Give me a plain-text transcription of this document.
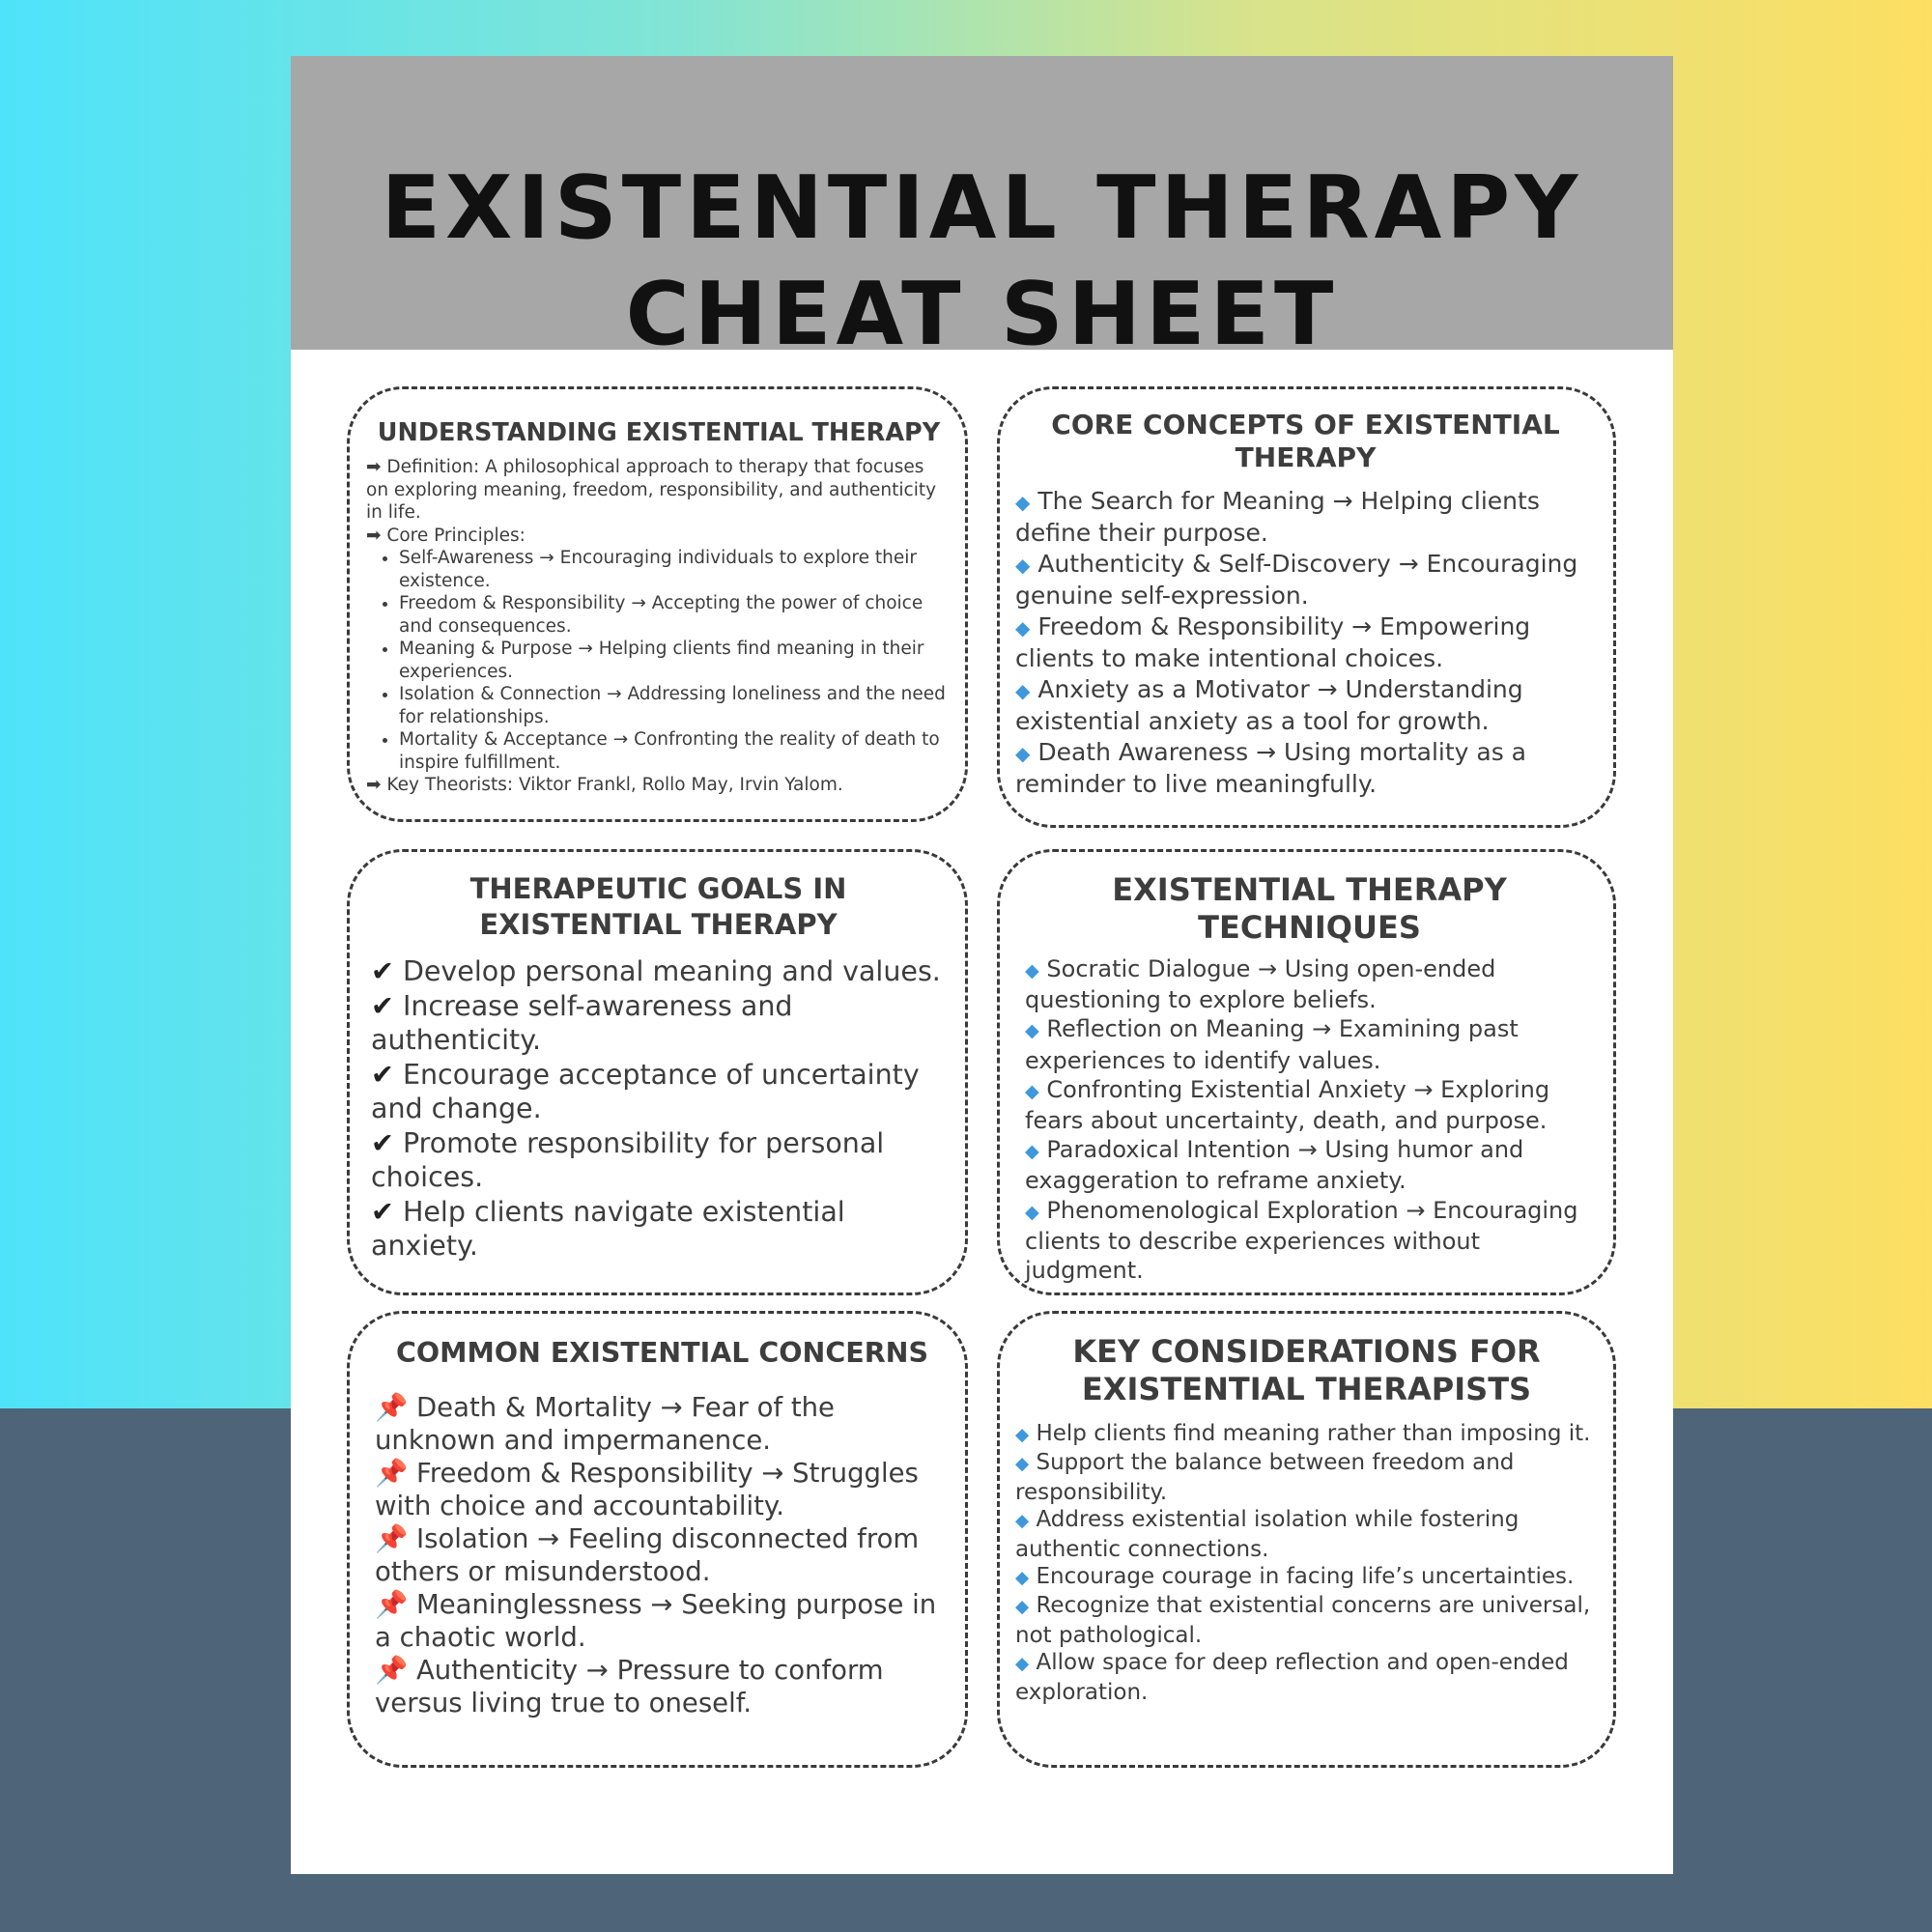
EXISTENTIAL THERAPY
CHEAT SHEET
UNDERSTANDING EXISTENTIAL THERAPY
➡ Definition: A philosophical approach to therapy that focuses on exploring meaning, freedom, responsibility, and authenticity in life.
➡ Core Principles:
• Self-Awareness → Encouraging individuals to explore their existence.
• Freedom & Responsibility → Accepting the power of choice and consequences.
• Meaning & Purpose → Helping clients find meaning in their experiences.
• Isolation & Connection → Addressing loneliness and the need for relationships.
• Mortality & Acceptance → Confronting the reality of death to inspire fulfillment.
➡ Key Theorists: Viktor Frankl, Rollo May, Irvin Yalom.
CORE CONCEPTS OF EXISTENTIAL THERAPY
◆ The Search for Meaning → Helping clients define their purpose.
◆ Authenticity & Self-Discovery → Encouraging genuine self-expression.
◆ Freedom & Responsibility → Empowering clients to make intentional choices.
◆ Anxiety as a Motivator → Understanding existential anxiety as a tool for growth.
◆ Death Awareness → Using mortality as a reminder to live meaningfully.
THERAPEUTIC GOALS IN EXISTENTIAL THERAPY
✔ Develop personal meaning and values.
✔ Increase self-awareness and authenticity.
✔ Encourage acceptance of uncertainty and change.
✔ Promote responsibility for personal choices.
✔ Help clients navigate existential anxiety.
EXISTENTIAL THERAPY TECHNIQUES
◆ Socratic Dialogue → Using open-ended questioning to explore beliefs.
◆ Reflection on Meaning → Examining past experiences to identify values.
◆ Confronting Existential Anxiety → Exploring fears about uncertainty, death, and purpose.
◆ Paradoxical Intention → Using humor and exaggeration to reframe anxiety.
◆ Phenomenological Exploration → Encouraging clients to describe experiences without judgment.
COMMON EXISTENTIAL CONCERNS
📌 Death & Mortality → Fear of the unknown and impermanence.
📌 Freedom & Responsibility → Struggles with choice and accountability.
📌 Isolation → Feeling disconnected from others or misunderstood.
📌 Meaninglessness → Seeking purpose in a chaotic world.
📌 Authenticity → Pressure to conform versus living true to oneself.
KEY CONSIDERATIONS FOR EXISTENTIAL THERAPISTS
◆ Help clients find meaning rather than imposing it.
◆ Support the balance between freedom and responsibility.
◆ Address existential isolation while fostering authentic connections.
◆ Encourage courage in facing life’s uncertainties.
◆ Recognize that existential concerns are universal, not pathological.
◆ Allow space for deep reflection and open-ended exploration.
